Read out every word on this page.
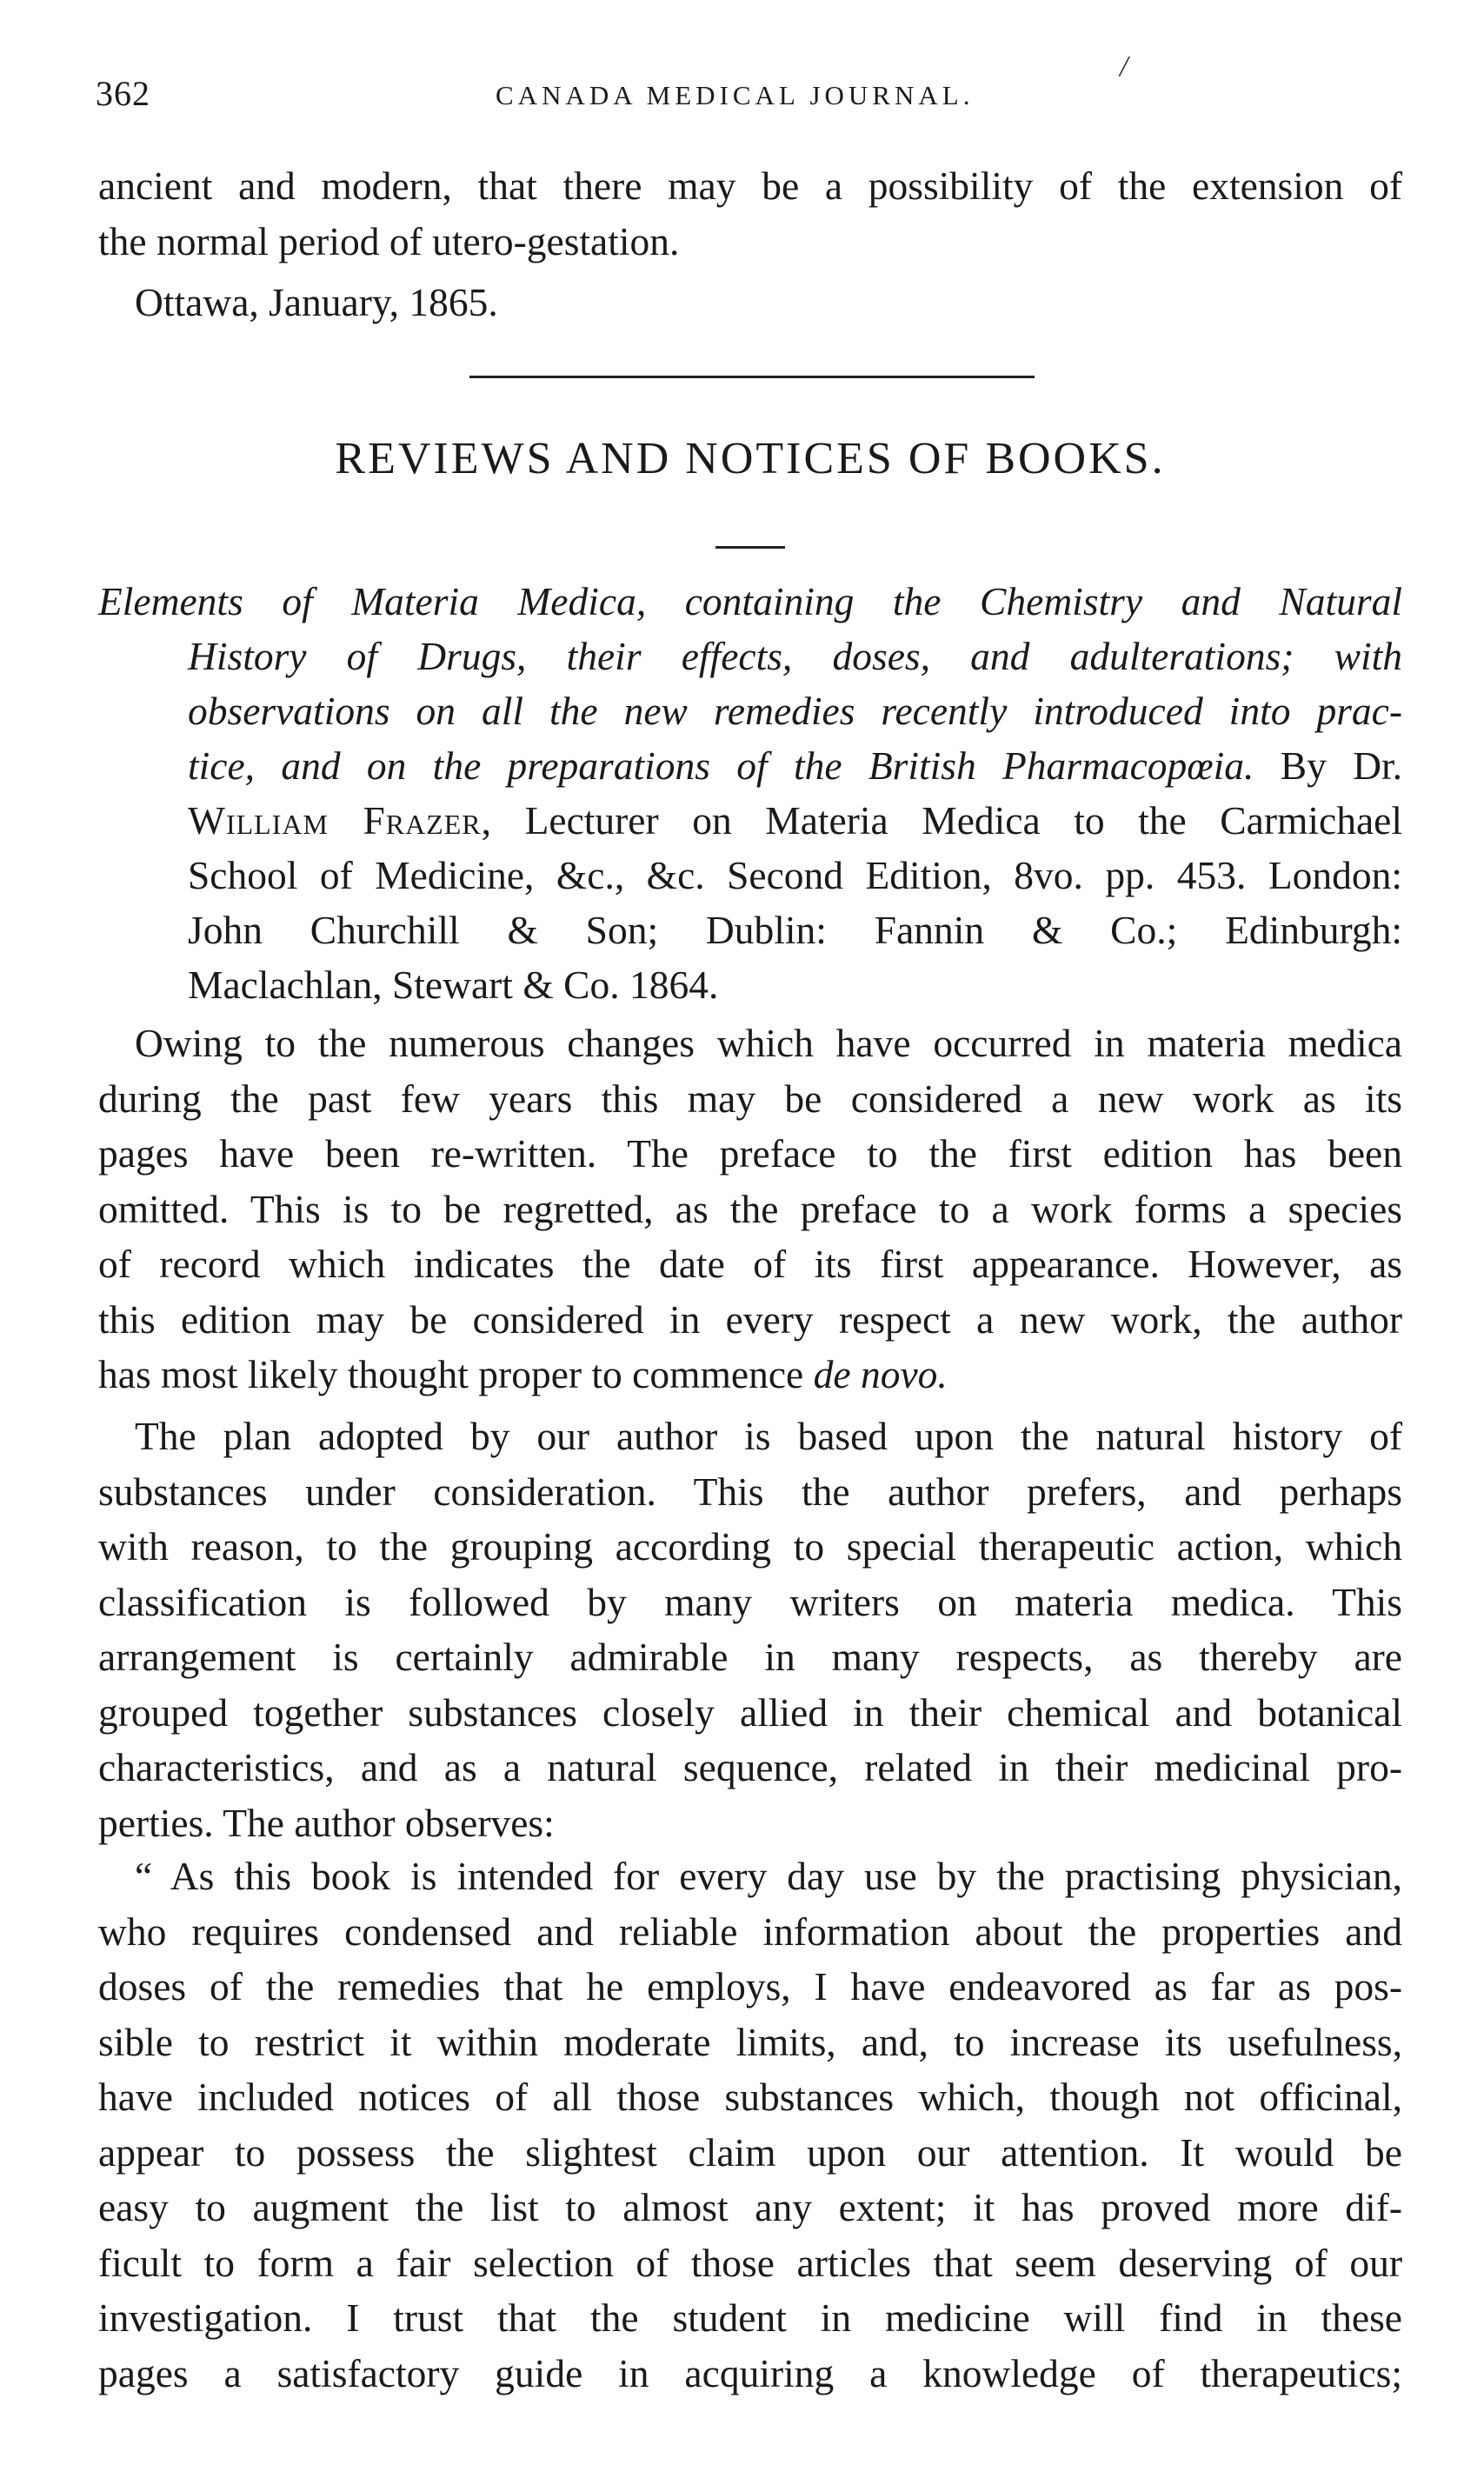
362	CANADA MEDICAL JOURNAL.
/
ancient and modern, that there may be a possibility of the extension of
the normal period of utero-gestation.
Ottawa, January, 1865.
REVIEWS AND NOTICES OF BOOKS.
Elements of Materia Medica, containing the Chemistry and Natural
History of Drugs, their effects, doses, and adulterations; with
observations on all the new remedies recently introduced into prac-
tice, and on the preparations of the British Pharmacopœia. By Dr.
William Frazer, Lecturer on Materia Medica to the Carmichael
School of Medicine, &c., &c. Second Edition, 8vo. pp. 453. London:
John Churchill & Son; Dublin: Fannin & Co.; Edinburgh:
Maclachlan, Stewart & Co. 1864.
Owing to the numerous changes which have occurred in materia medica
during the past few years this may be considered a new work as its
pages have been re-written. The preface to the first edition has been
omitted. This is to be regretted, as the preface to a work forms a species
of record which indicates the date of its first appearance. However, as
this edition may be considered in every respect a new work, the author
has most likely thought proper to commence de novo.
The plan adopted by our author is based upon the natural history of
substances under consideration. This the author prefers, and perhaps
with reason, to the grouping according to special therapeutic action, which
classification is followed by many writers on materia medica. This
arrangement is certainly admirable in many respects, as thereby are
grouped together substances closely allied in their chemical and botanical
characteristics, and as a natural sequence, related in their medicinal pro-
perties. The author observes:
“ As this book is intended for every day use by the practising physician,
who requires condensed and reliable information about the properties and
doses of the remedies that he employs, I have endeavored as far as pos-
sible to restrict it within moderate limits, and, to increase its usefulness,
have included notices of all those substances which, though not officinal,
appear to possess the slightest claim upon our attention. It would be
easy to augment the list to almost any extent; it has proved more dif-
ficult to form a fair selection of those articles that seem deserving of our
investigation. I trust that the student in medicine will find in these
pages a satisfactory guide in acquiring a knowledge of therapeutics;
